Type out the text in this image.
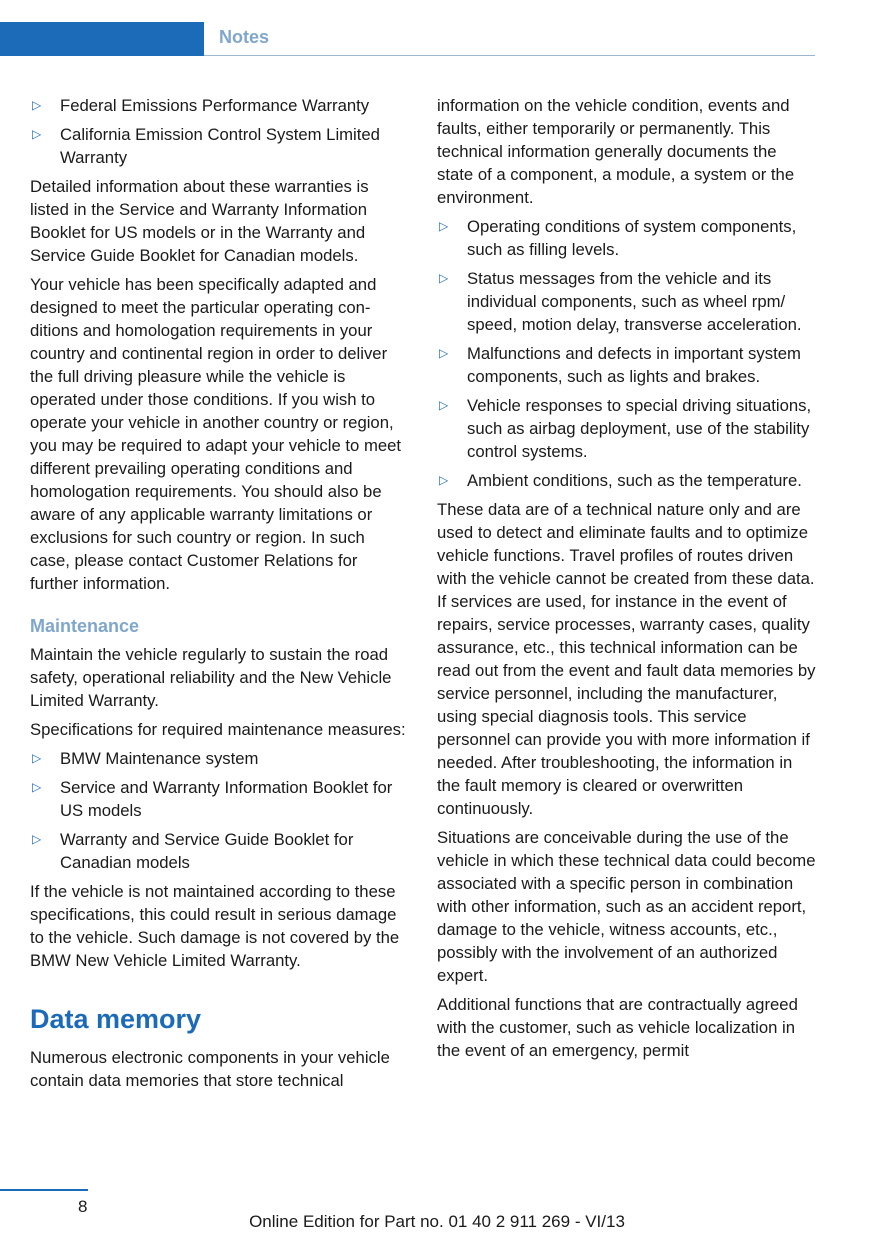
Notes
▷ Federal Emissions Performance Warranty
▷ California Emission Control System Limited Warranty

Detailed information about these warranties is listed in the Service and Warranty Information Booklet for US models or in the Warranty and Service Guide Booklet for Canadian models.

Your vehicle has been specifically adapted and designed to meet the particular operating conditions and homologation requirements in your country and continental region in order to deliver the full driving pleasure while the vehicle is operated under those conditions. If you wish to operate your vehicle in another country or region, you may be required to adapt your vehicle to meet different prevailing operating conditions and homologation requirements. You should also be aware of any applicable warranty limitations or exclusions for such country or region. In such case, please contact Customer Relations for further information.

Maintenance

Maintain the vehicle regularly to sustain the road safety, operational reliability and the New Vehicle Limited Warranty.

Specifications for required maintenance measures:

▷ BMW Maintenance system
▷ Service and Warranty Information Booklet for US models
▷ Warranty and Service Guide Booklet for Canadian models

If the vehicle is not maintained according to these specifications, this could result in serious damage to the vehicle. Such damage is not covered by the BMW New Vehicle Limited Warranty.

Data memory

Numerous electronic components in your vehicle contain data memories that store technical

information on the vehicle condition, events and faults, either temporarily or permanently. This technical information generally documents the state of a component, a module, a system or the environment.

▷ Operating conditions of system components, such as filling levels.
▷ Status messages from the vehicle and its individual components, such as wheel rpm/ speed, motion delay, transverse acceleration.
▷ Malfunctions and defects in important system components, such as lights and brakes.
▷ Vehicle responses to special driving situations, such as airbag deployment, use of the stability control systems.
▷ Ambient conditions, such as the temperature.

These data are of a technical nature only and are used to detect and eliminate faults and to optimize vehicle functions. Travel profiles of routes driven with the vehicle cannot be created from these data. If services are used, for instance in the event of repairs, service processes, warranty cases, quality assurance, etc., this technical information can be read out from the event and fault data memories by service personnel, including the manufacturer, using special diagnosis tools. This service personnel can provide you with more information if needed. After troubleshooting, the information in the fault memory is cleared or overwritten continuously.

Situations are conceivable during the use of the vehicle in which these technical data could become associated with a specific person in combination with other information, such as an accident report, damage to the vehicle, witness accounts, etc., possibly with the involvement of an authorized expert.

Additional functions that are contractually agreed with the customer, such as vehicle localization in the event of an emergency, permit

8
Online Edition for Part no. 01 40 2 911 269 - VI/13
